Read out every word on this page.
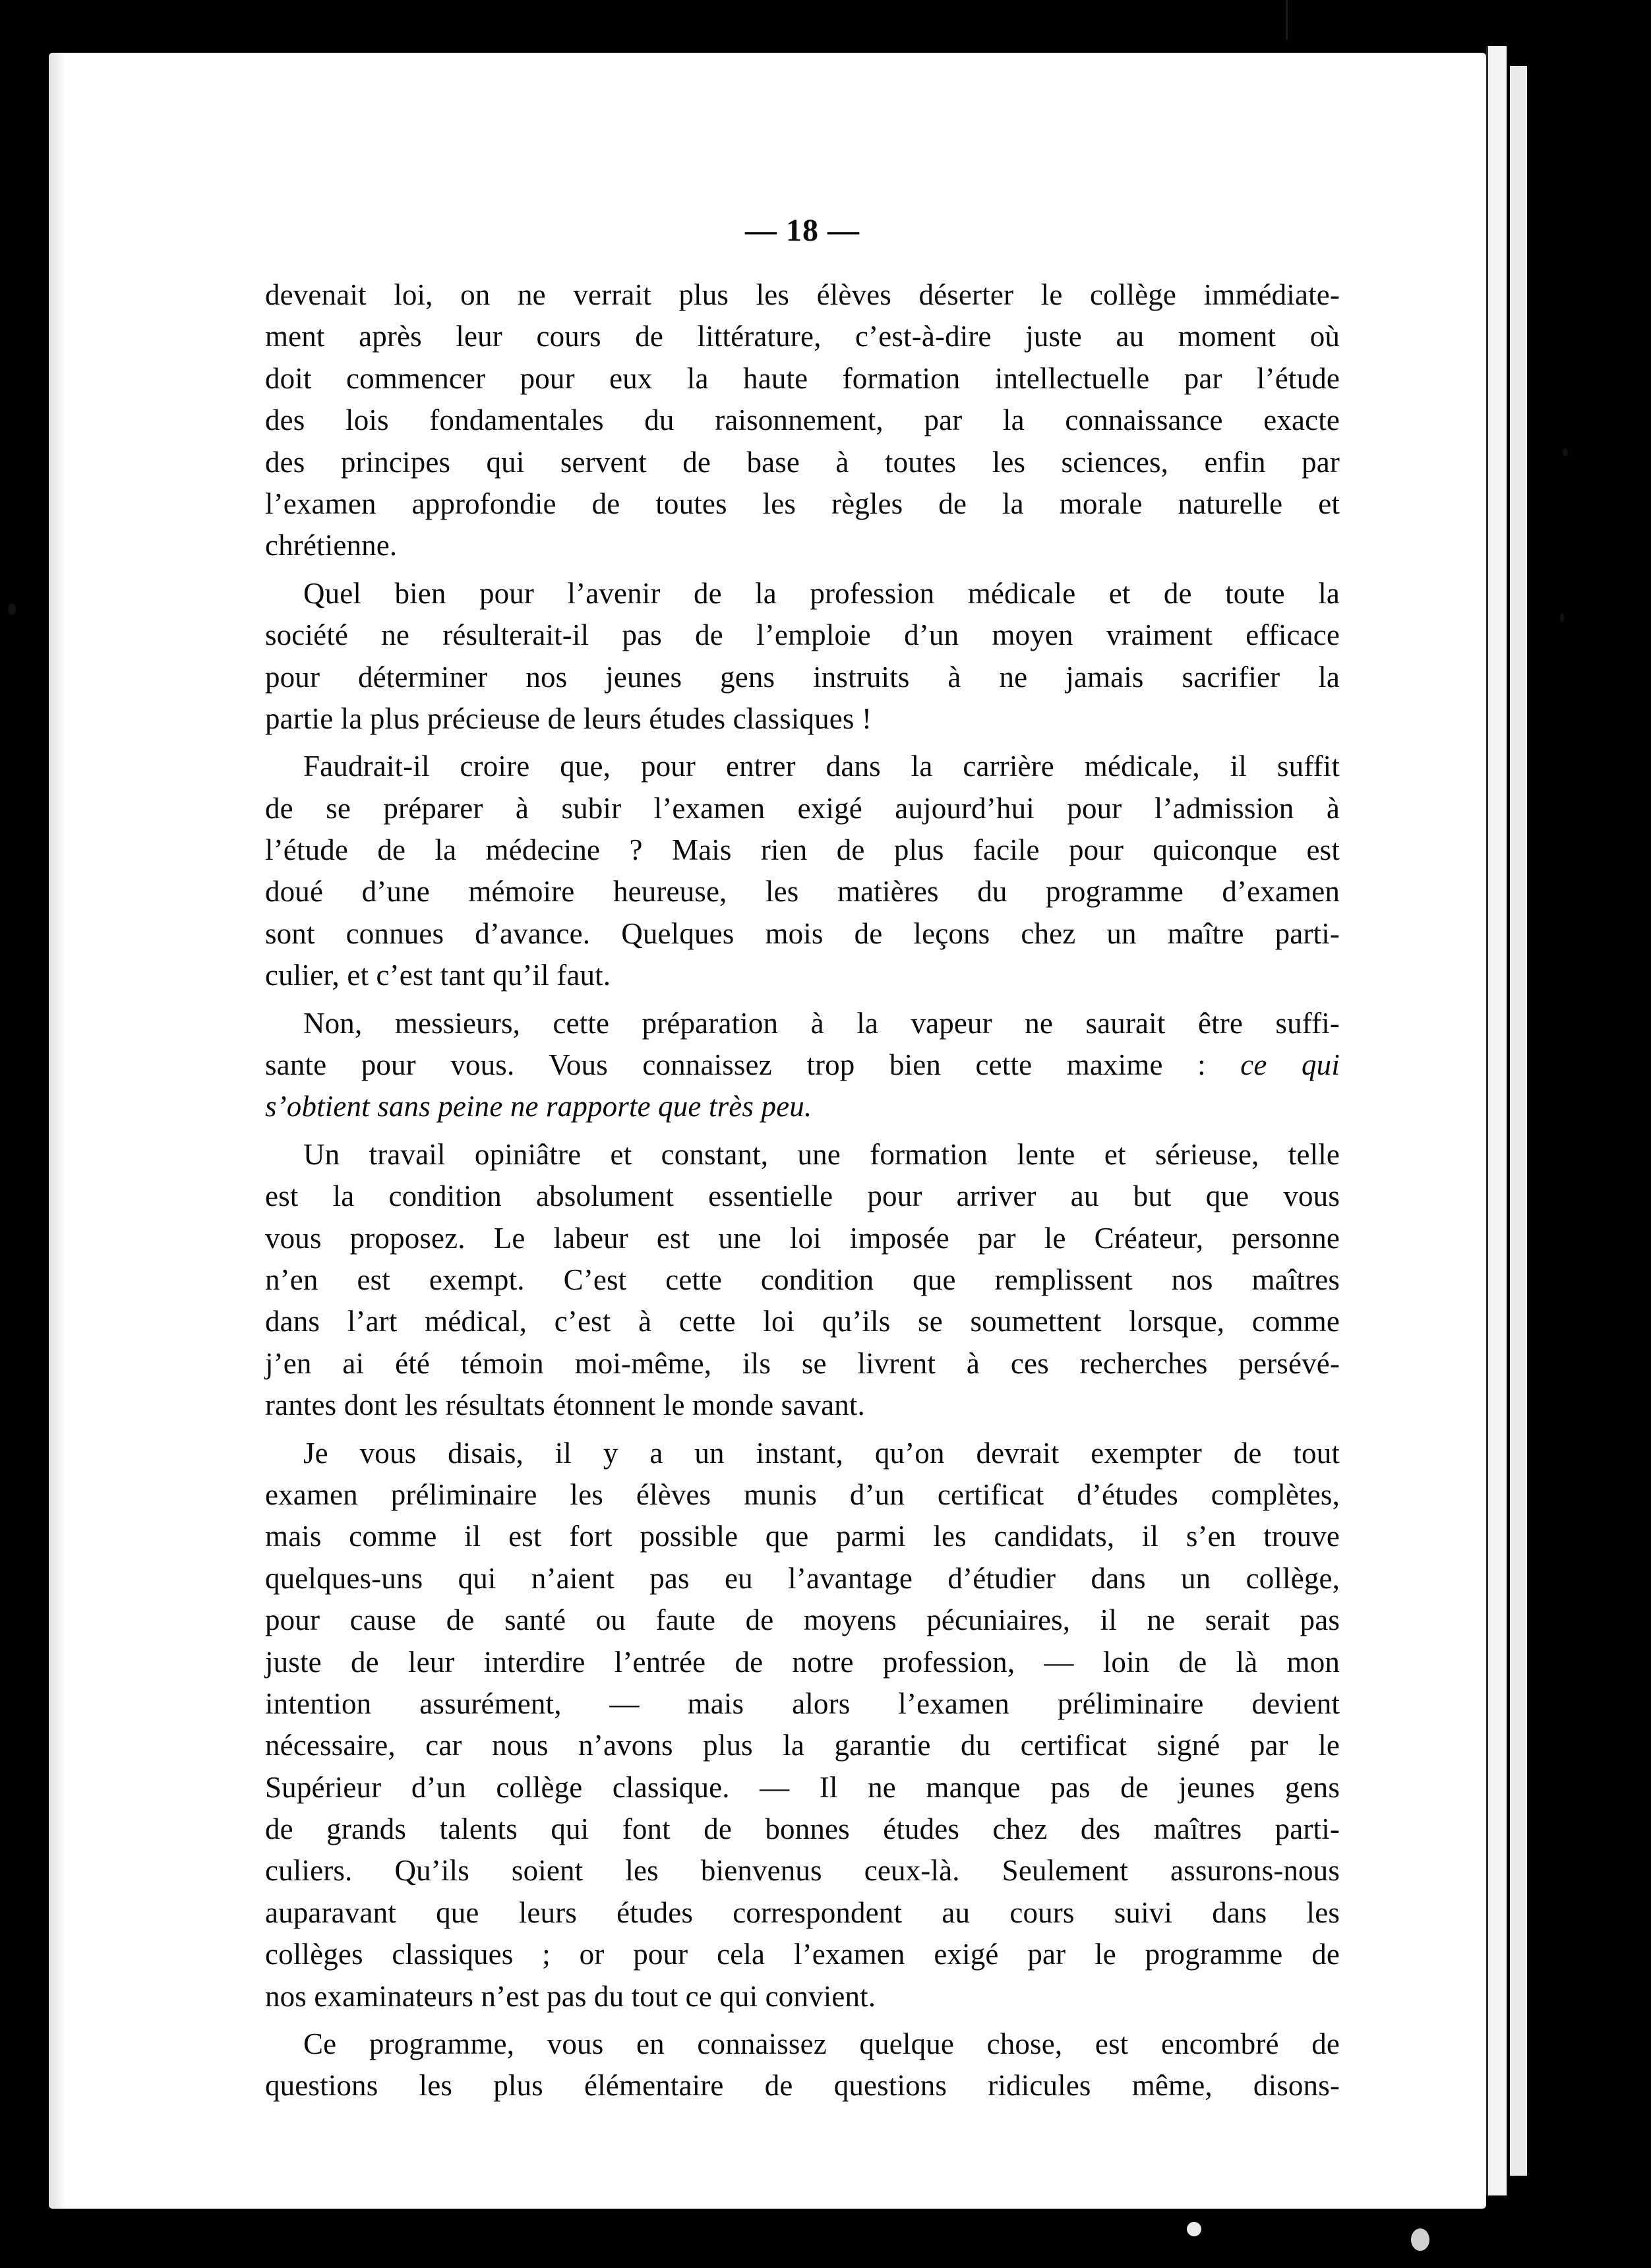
— 18 —
devenait loi, on ne verrait plus les élèves déserter le collège immédiate-
ment après leur cours de littérature, c’est-à-dire juste au moment où
doit commencer pour eux la haute formation intellectuelle par l’étude
des lois fondamentales du raisonnement, par la connaissance exacte
des principes qui servent de base à toutes les sciences, enfin par
l’examen approfondie de toutes les règles de la morale naturelle et
chrétienne.
Quel bien pour l’avenir de la profession médicale et de toute la
société ne résulterait-il pas de l’emploie d’un moyen vraiment efficace
pour déterminer nos jeunes gens instruits à ne jamais sacrifier la
partie la plus précieuse de leurs études classiques !
Faudrait-il croire que, pour entrer dans la carrière médicale, il suffit
de se préparer à subir l’examen exigé aujourd’hui pour l’admission à
l’étude de la médecine ? Mais rien de plus facile pour quiconque est
doué d’une mémoire heureuse, les matières du programme d’examen
sont connues d’avance. Quelques mois de leçons chez un maître parti-
culier, et c’est tant qu’il faut.
Non, messieurs, cette préparation à la vapeur ne saurait être suffi-
sante pour vous. Vous connaissez trop bien cette maxime : ce qui
s’obtient sans peine ne rapporte que très peu.
Un travail opiniâtre et constant, une formation lente et sérieuse, telle
est la condition absolument essentielle pour arriver au but que vous
vous proposez. Le labeur est une loi imposée par le Créateur, personne
n’en est exempt. C’est cette condition que remplissent nos maîtres
dans l’art médical, c’est à cette loi qu’ils se soumettent lorsque, comme
j’en ai été témoin moi-même, ils se livrent à ces recherches persévé-
rantes dont les résultats étonnent le monde savant.
Je vous disais, il y a un instant, qu’on devrait exempter de tout
examen préliminaire les élèves munis d’un certificat d’études complètes,
mais comme il est fort possible que parmi les candidats, il s’en trouve
quelques-uns qui n’aient pas eu l’avantage d’étudier dans un collège,
pour cause de santé ou faute de moyens pécuniaires, il ne serait pas
juste de leur interdire l’entrée de notre profession, — loin de là mon
intention assurément, — mais alors l’examen préliminaire devient
nécessaire, car nous n’avons plus la garantie du certificat signé par le
Supérieur d’un collège classique. — Il ne manque pas de jeunes gens
de grands talents qui font de bonnes études chez des maîtres parti-
culiers. Qu’ils soient les bienvenus ceux-là. Seulement assurons-nous
auparavant que leurs études correspondent au cours suivi dans les
collèges classiques ; or pour cela l’examen exigé par le programme de
nos examinateurs n’est pas du tout ce qui convient.
Ce programme, vous en connaissez quelque chose, est encombré de
questions les plus élémentaire de questions ridicules même, disons-
